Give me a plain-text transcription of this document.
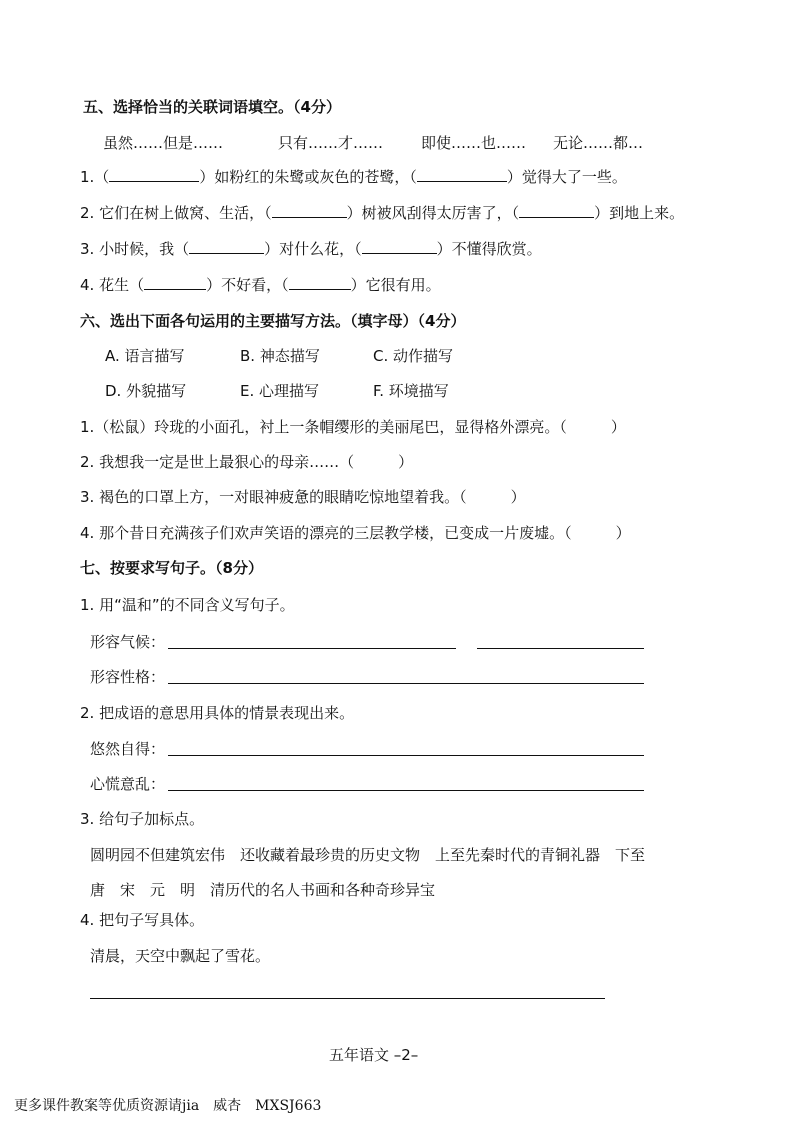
五、选择恰当的关联词语填空。（4分）
虽然……但是……	只有……才……	即使……也…… 无论……都…
1.（	）如粉红的朱鹭或灰色的苍鹭，（	）觉得大了一些。
2. 它们在树上做窝、生活，（	）树被风刮得太厉害了，（	）到地上来。
3. 小时候，我（	）对什么花，（	）不懂得欣赏。
4. 花生（	）不好看，（	）它很有用。
六、选出下面各句运用的主要描写方法。（填字母）（4分）
A. 语言描写	B. 神态描写	C. 动作描写
D. 外貌描写	E. 心理描写	F. 环境描写
1.（松鼠）玲珑的小面孔，衬上一条帽缨形的美丽尾巴，显得格外漂亮。（	）
2. 我想我一定是世上最狠心的母亲……（	）
3. 褐色的口罩上方，一对眼神疲惫的眼睛吃惊地望着我。（	）
4. 那个昔日充满孩子们欢声笑语的漂亮的三层教学楼，已变成一片废墟。（	）
七、按要求写句子。（8分）
1. 用“温和”的不同含义写句子。
形容气候：
形容性格：
2. 把成语的意思用具体的情景表现出来。
悠然自得：
心慌意乱：
3. 给句子加标点。
圆明园不但建筑宏伟　还收藏着最珍贵的历史文物　上至先秦时代的青铜礼器　下至
唐　宋　元　明　清历代的名人书画和各种奇珍异宝
4. 把句子写具体。
清晨，天空中飘起了雪花。
五年语文 –2–
更多课件教案等优质资源请jia　威杏　MXSJ663
